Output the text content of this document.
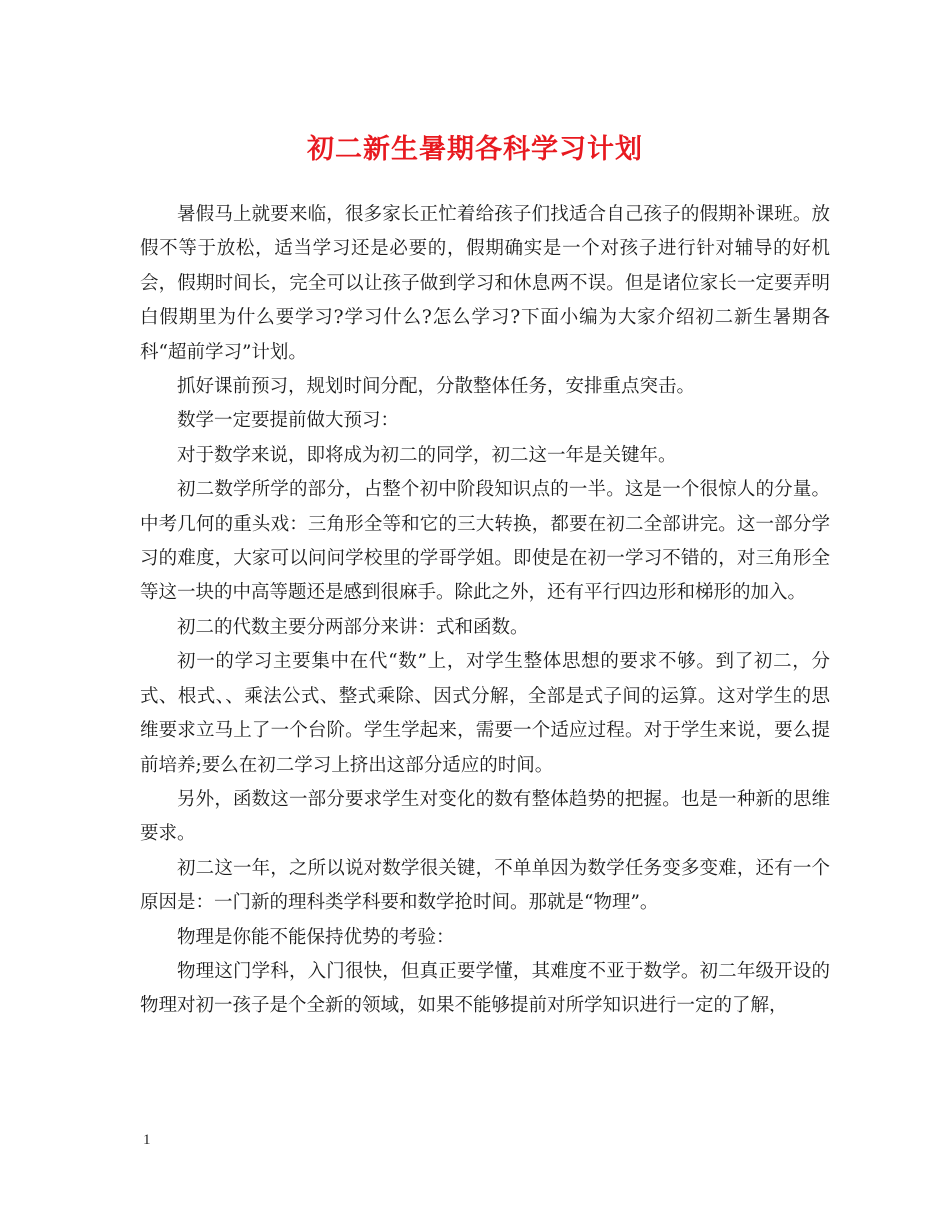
初二新生暑期各科学习计划

暑假马上就要来临，很多家长正忙着给孩子们找适合自己孩子的假期补课班。放假不等于放松，适当学习还是必要的，假期确实是一个对孩子进行针对辅导的好机会，假期时间长，完全可以让孩子做到学习和休息两不误。但是诸位家长一定要弄明白假期里为什么要学习?学习什么?怎么学习?下面小编为大家介绍初二新生暑期各科“超前学习”计划。

抓好课前预习，规划时间分配，分散整体任务，安排重点突击。

数学一定要提前做大预习：

对于数学来说，即将成为初二的同学，初二这一年是关键年。

初二数学所学的部分，占整个初中阶段知识点的一半。这是一个很惊人的分量。中考几何的重头戏：三角形全等和它的三大转换，都要在初二全部讲完。这一部分学习的难度，大家可以问问学校里的学哥学姐。即使是在初一学习不错的，对三角形全等这一块的中高等题还是感到很麻手。除此之外，还有平行四边形和梯形的加入。

初二的代数主要分两部分来讲：式和函数。

初一的学习主要集中在代“数”上，对学生整体思想的要求不够。到了初二，分式、根式、、乘法公式、整式乘除、因式分解，全部是式子间的运算。这对学生的思维要求立马上了一个台阶。学生学起来，需要一个适应过程。对于学生来说，要么提前培养;要么在初二学习上挤出这部分适应的时间。

另外，函数这一部分要求学生对变化的数有整体趋势的把握。也是一种新的思维要求。

初二这一年，之所以说对数学很关键，不单单因为数学任务变多变难，还有一个原因是：一门新的理科类学科要和数学抢时间。那就是“物理”。

物理是你能不能保持优势的考验：

物理这门学科，入门很快，但真正要学懂，其难度不亚于数学。初二年级开设的物理对初一孩子是个全新的领域，如果不能够提前对所学知识进行一定的了解，

1
